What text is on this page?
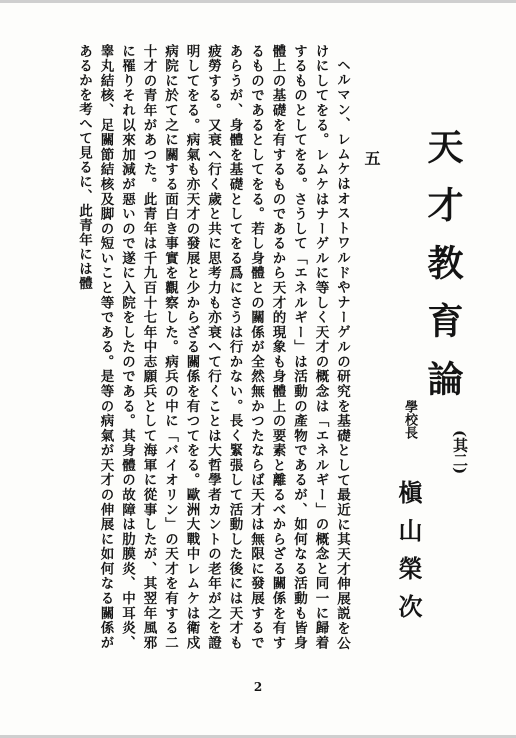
天才教育論
(其二)
學校長
槇山榮次
五

ヘルマン、レムケはオストワルドやナーゲルの研究を基礎として最近に其天才伸展説を公けにしてをる。レムケはナーゲルに等しく天才の概念は「エネルギー」の概念と同一に歸着するものとしてをる。さうして「エネルギー」は活動の產物であるが、如何なる活動も皆身體上の基礎を有するものであるから天才的現象も身體上の要素と離るべからざる關係を有するものであるとしてをる。若し身體との關係が全然無かつたならば天才は無限に發展するであらうが、身體を基礎としてをる爲にさうは行かない。長く緊張して活動した後には天才も疲勞する。又衰へ行く歲と共に思考力も亦衰へて行くことは大哲學者カントの老年が之を證明してをる。病氣も亦天才の發展と少からざる關係を有つてをる。歐洲大戰中レムケは衛戍病院に於て之に關する面白き事實を觀察した。病兵の中に「バイオリン」の天才を有する二十才の青年があつた。此青年は千九百十七年中志願兵として海軍に從事したが、其翌年風邪に罹りそれ以來加減が惡いので遂に入院をしたのである。其身體の故障は肋膜炎、中耳炎、睾丸結核、足關節結核及脚の短いこと等である。是等の病氣が天才の伸展に如何なる關係があるかを考へて見るに、此青年には體

2
